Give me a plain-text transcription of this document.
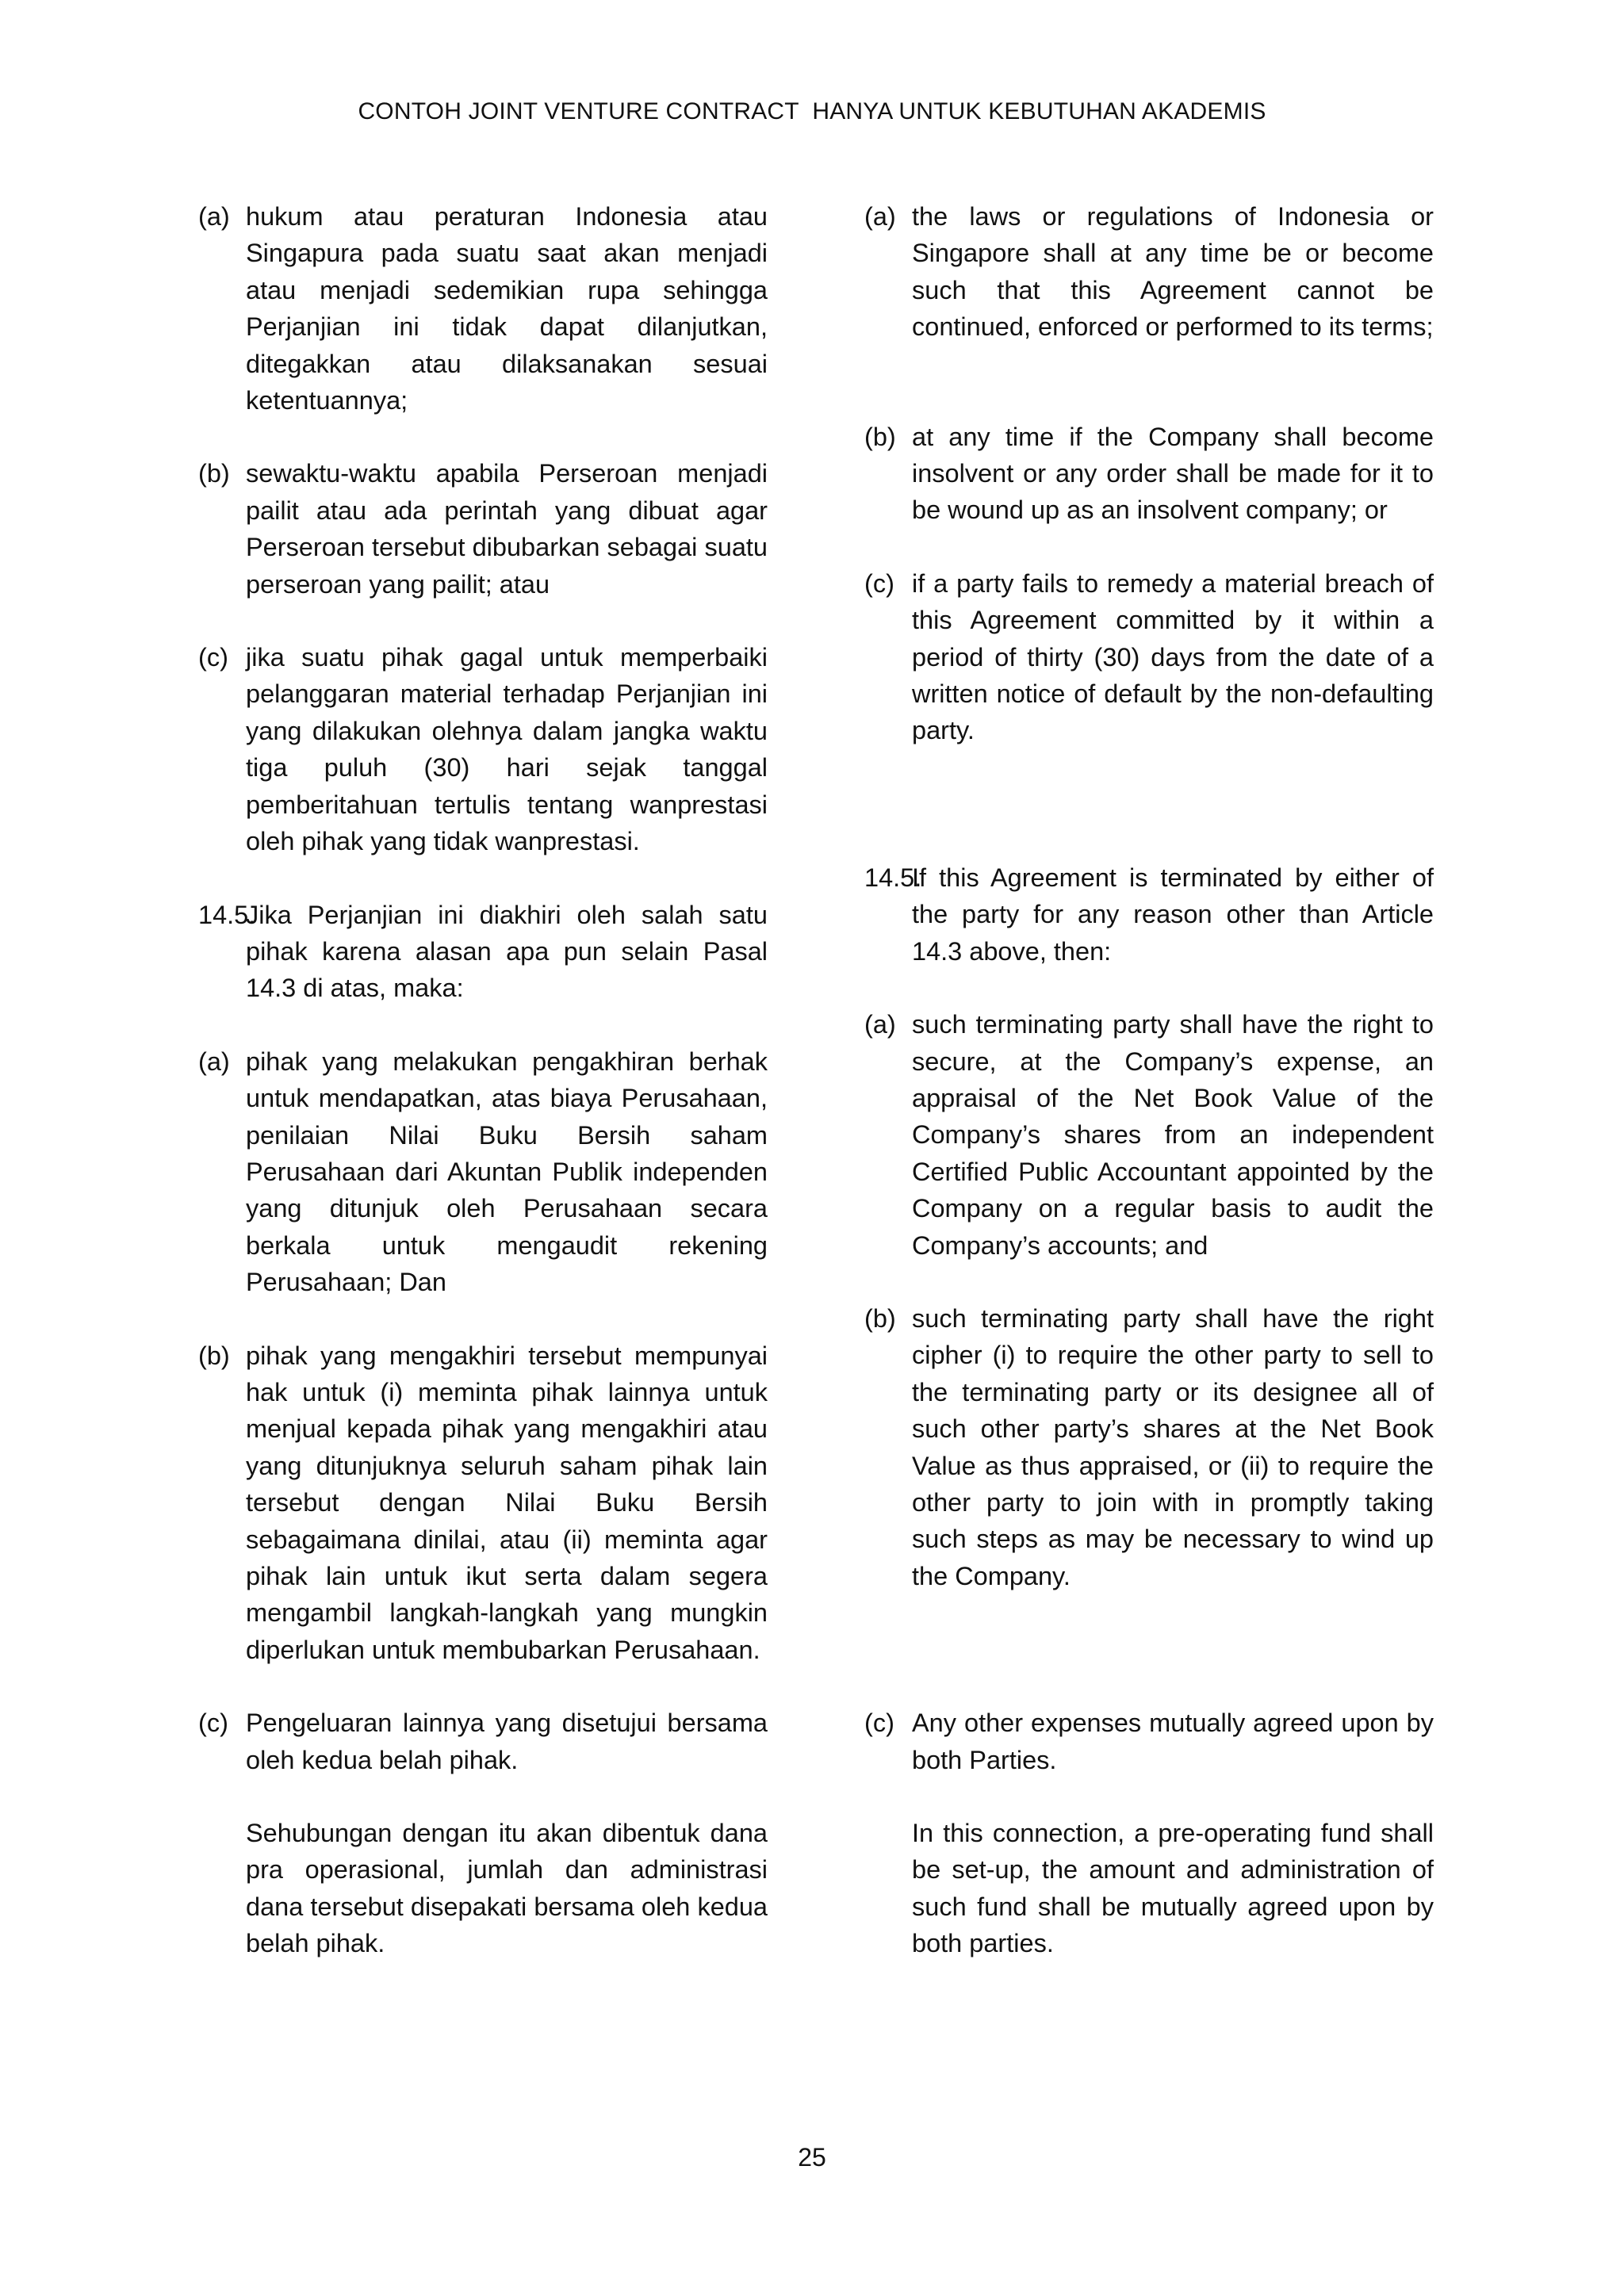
CONTOH JOINT VENTURE CONTRACT  HANYA UNTUK KEBUTUHAN AKADEMIS
(a) hukum atau peraturan Indonesia atau Singapura pada suatu saat akan menjadi atau menjadi sedemikian rupa sehingga Perjanjian ini tidak dapat dilanjutkan, ditegakkan atau dilaksanakan sesuai ketentuannya;
(b) sewaktu-waktu apabila Perseroan menjadi pailit atau ada perintah yang dibuat agar Perseroan tersebut dibubarkan sebagai suatu perseroan yang pailit; atau
(c) jika suatu pihak gagal untuk memperbaiki pelanggaran material terhadap Perjanjian ini yang dilakukan olehnya dalam jangka waktu tiga puluh (30) hari sejak tanggal pemberitahuan tertulis tentang wanprestasi oleh pihak yang tidak wanprestasi.
14.5.
Jika Perjanjian ini diakhiri oleh salah satu pihak karena alasan apa pun selain Pasal 14.3 di atas, maka:
(a) pihak yang melakukan pengakhiran berhak untuk mendapatkan, atas biaya Perusahaan, penilaian Nilai Buku Bersih saham Perusahaan dari Akuntan Publik independen yang ditunjuk oleh Perusahaan secara berkala untuk mengaudit rekening Perusahaan; Dan
(b) pihak yang mengakhiri tersebut mempunyai hak untuk (i) meminta pihak lainnya untuk menjual kepada pihak yang mengakhiri atau yang ditunjuknya seluruh saham pihak lain tersebut dengan Nilai Buku Bersih sebagaimana dinilai, atau (ii) meminta agar pihak lain untuk ikut serta dalam segera mengambil langkah-langkah yang mungkin diperlukan untuk membubarkan Perusahaan.
(c) Pengeluaran lainnya yang disetujui bersama oleh kedua belah pihak.
Sehubungan dengan itu akan dibentuk dana pra operasional, jumlah dan administrasi dana tersebut disepakati bersama oleh kedua belah pihak.
(a) the laws or regulations of Indonesia or Singapore shall at any time be or become such that this Agreement cannot be continued, enforced or performed to its terms;
(b) at any time if the Company shall become insolvent or any order shall be made for it to be wound up as an insolvent company; or
(c) if a party fails to remedy a material breach of this Agreement committed by it within a period of thirty (30) days from the date of a written notice of default by the non-defaulting party.
14.5.
If this Agreement is terminated by either of the party for any reason other than Article 14.3 above, then:
(a) such terminating party shall have the right to secure, at the Company’s expense, an appraisal of the Net Book Value of the Company’s shares from an independent Certified Public Accountant appointed by the Company on a regular basis to audit the Company’s accounts; and
(b) such terminating party shall have the right cipher (i) to require the other party to sell to the terminating party or its designee all of such other party’s shares at the Net Book Value as thus appraised, or (ii) to require the other party to join with in promptly taking such steps as may be necessary to wind up the Company.
(c) Any other expenses mutually agreed upon by both Parties.
In this connection, a pre-operating fund shall be set-up, the amount and administration of such fund shall be mutually agreed upon by both parties.
25
